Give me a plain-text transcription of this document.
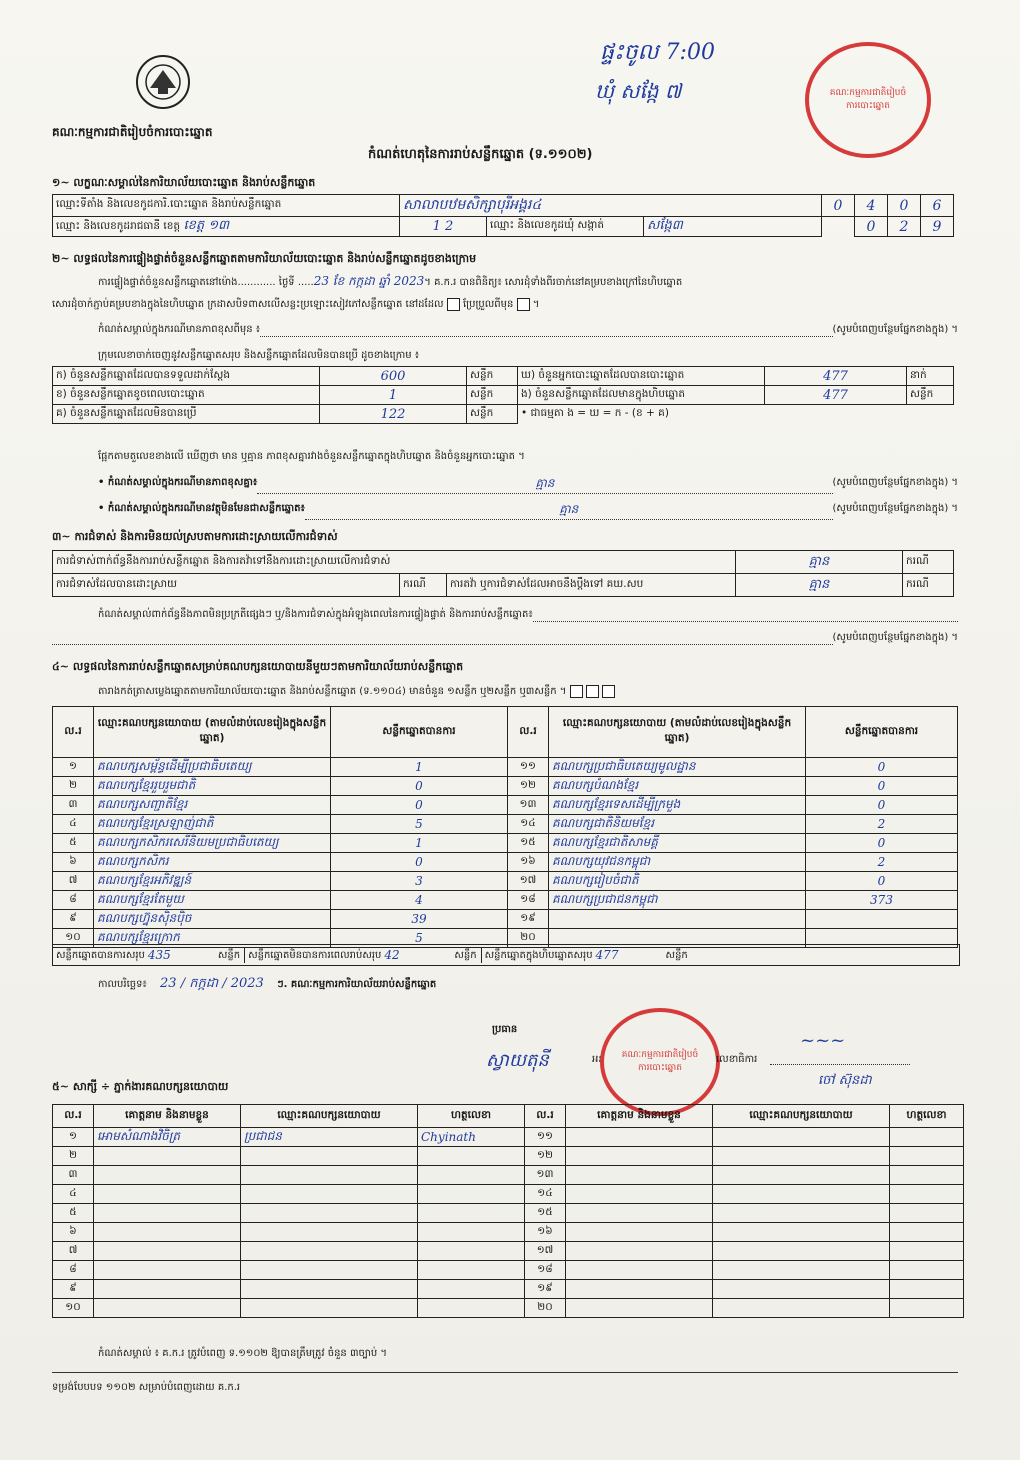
ផ្ទះចូល 7:00
ឃុំ សង្កែ ៧	គណៈកម្មការជាតិរៀបចំការបោះឆ្នោត
គណៈកម្មការជាតិរៀបចំការបោះឆ្នោត
កំណត់ហេតុនៃការរាប់សន្លឹកឆ្នោត (ទ.១១០២)
១~ លក្ខណៈសម្គាល់នៃការិយាល័យបោះឆ្នោត និងរាប់សន្លឹកឆ្នោត
ឈ្មោះទីតាំង និងលេខកូដការិ.បោះឆ្នោត និងរាប់សន្លឹកឆ្នោត	សាលាបឋមសិក្សាបុរីអង្គរ៤			0	4	0	6
ឈ្មោះ និងលេខកូដរាជធានី ខេត្ត ខេត្ត ១៣	1 2	ឈ្មោះ និងលេខកូដឃុំ សង្កាត់	សង្កែ៣		0	2	9
២~ លទ្ធផលនៃការផ្ទៀងផ្ទាត់ចំនួនសន្លឹកឆ្នោតតាមការិយាល័យបោះឆ្នោត និងរាប់សន្លឹកឆ្នោតដូចខាងក្រោម
ការផ្ទៀងផ្ទាត់ចំនួនសន្លឹកឆ្នោតនៅម៉ោង............ ថ្ងៃទី .....23 ខែ កក្កដា ឆ្នាំ 2023។ គ.ក.រ បានពិនិត្យ៖ សោរ​ដុំទាំងពីរចាក់នៅគម្របខាងក្រៅនៃហិបឆ្នោត
សោរដុំចាក់ភ្ជាប់គម្របខាងក្នុងនៃហិបឆ្នោត ក្រដាសបិទពាសលើសន្លះប្រឡោះសៀវភៅសន្លឹកឆ្នោត នៅដដែល ប្រែប្រួលពីមុន  ។
កំណត់សម្គាល់ក្នុងករណីមានភាពខុសពីមុន ៖	(សូមបំពេញបន្ថែមផ្នែកខាងក្នុង) ។
ក្រុមលេខាចាក់ចេញនូវសន្លឹកឆ្នោតសរុប និងសន្លឹកឆ្នោតដែលមិនបានប្រើ ដូចខាងក្រោម ៖
ក) ចំនួនសន្លឹកឆ្នោតដែលបានទទួលដាក់ស្ដែង	600	សន្លឹក	ឃ) ចំនួនអ្នកបោះឆ្នោតដែលបានបោះឆ្នោត	477	នាក់
ខ) ចំនួនសន្លឹកឆ្នោតខូចពេលបោះឆ្នោត	1	សន្លឹក	ង) ចំនួនសន្លឹកឆ្នោតដែលមានក្នុងហិបឆ្នោត	477	សន្លឹក
គ) ចំនួនសន្លឹកឆ្នោតដែលមិនបានប្រើ	122	សន្លឹក	• ជាធម្មតា ង = ឃ = ក - (ខ + គ)		
ផ្អែកតាមតួលេខខាងលើ ឃើញថា មាន ឬគ្មាន ភាពខុសគ្នារវាងចំនួនសន្លឹកឆ្នោតក្នុងហិបឆ្នោត និងចំនួនអ្នកបោះឆ្នោត ។
• កំណត់សម្គាល់ក្នុងករណីមានភាពខុសគ្នា៖	គ្មាន	(សូមបំពេញបន្ថែមផ្នែកខាងក្នុង) ។
• កំណត់សម្គាល់ក្នុងករណីមានវត្ថុមិនមែនជាសន្លឹកឆ្នោត៖	គ្មាន	(សូមបំពេញបន្ថែមផ្នែកខាងក្នុង) ។
៣~ ការជំទាស់ និងការមិនយល់ស្របតាមការដោះស្រាយលើការជំទាស់
ការជំទាស់ពាក់ព័ន្ធនឹងការរាប់សន្លឹកឆ្នោត និងការតវ៉ាទៅនឹងការដោះស្រាយលើការជំទាស់			គ្មាន	ករណី
ការជំទាស់ដែលបានដោះស្រាយ	ករណី	ការតវ៉ា ឬការជំទាស់ដែលអាចនឹងប្ដឹងទៅ គឃ.សប	គ្មាន	ករណី
កំណត់សម្គាល់ពាក់ព័ន្ធនឹងភាពមិនប្រក្រតីផ្សេងៗ ឬ/និងការជំទាស់ក្នុងអំឡុងពេលនៃការផ្ទៀងផ្ទាត់ និងការរាប់សន្លឹកឆ្នោត៖
(សូមបំពេញបន្ថែមផ្នែកខាងក្នុង) ។
៤~ លទ្ធផលនៃការរាប់សន្លឹកឆ្នោតសម្រាប់គណបក្សនយោបាយនីមួយៗតាមការិយាល័យរាប់សន្លឹកឆ្នោត
តារាងកត់ត្រាសម្លេងឆ្នោតតាមការិយាល័យបោះឆ្នោត និងរាប់សន្លឹកឆ្នោត (ទ.១១០៤) មានចំនួន ១សន្លឹក ឬ២សន្លឹក ឬ៣សន្លឹក ។
ល.រ	ឈ្មោះគណបក្សនយោបាយ (តាមលំដាប់លេខរៀងក្នុងសន្លឹកឆ្នោត)	សន្លឹកឆ្នោតបានការ	ល.រ	ឈ្មោះគណបក្សនយោបាយ (តាមលំដាប់លេខរៀងក្នុងសន្លឹកឆ្នោត)	សន្លឹកឆ្នោតបានការ
១	គណបក្សសម្ព័ន្ធដើម្បីប្រជាធិបតេយ្យ	1	១១	គណបក្សប្រជាធិបតេយ្យមូលដ្ឋាន	0
២	គណបក្សខ្មែររួបរួមជាតិ	0	១២	គណបក្សបំណងខ្មែរ	0
៣	គណបក្សសញ្ជាតិខ្មែរ	0	១៣	គណបក្សខ្មែរទេសដើម្បីក្រមួង	0
៤	គណបក្សខ្មែរស្រឡាញ់ជាតិ	5	១៤	គណបក្សជាតិនិយមខ្មែរ	2
៥	គណបក្សកសិករសេរីនិយមប្រជាធិបតេយ្យ	1	១៥	គណបក្សខ្មែរជាតិសាមគ្គី	0
៦	គណបក្សកសិករ	0	១៦	គណបក្សយុវជនកម្ពុជា	2
៧	គណបក្សខ្មែរអភិវឌ្ឍន៍	3	១៧	គណបក្សរៀបចំជាតិ	0
៨	គណបក្សខ្មែរតែមួយ	4	១៨	គណបក្សប្រជាជនកម្ពុជា	373
៩	គណបក្សហ្វ៊ុនស៊ិនប៉ិច	39	១៩		
១០	គណបក្សខ្មែរក្រោក	5	២០		
សន្លឹកឆ្នោតបានការសរុប 435	សន្លឹក សន្លឹកឆ្នោតមិនបានការពេលរាប់សរុប 42	សន្លឹក សន្លឹកឆ្នោតក្នុងហិបឆ្នោតសរុប 477	សន្លឹក
កាលបរិច្ឆេទ៖ 23 / កក្កដា / 2023 ៗ. គណៈកម្មការការិយាល័យរាប់សន្លឹកឆ្នោត
ប្រធាន
ស្វាយតុនី	អនុ គណៈកម្មការជាតិរៀបចំការបោះឆ្នោត
លេខាធិការ
~~~
ចៅ ស៊ុនដា
៥~ សាក្សី ÷ ភ្នាក់ងារគណបក្សនយោបាយ
ល.រ	គោត្តនាម និងនាមខ្លួន	ឈ្មោះគណបក្សនយោបាយ	ហត្ថលេខា	ល.រ	គោត្តនាម និងនាមខ្លួន	ឈ្មោះគណបក្សនយោបាយ	ហត្ថលេខា
១	អោមសំណាងវិចិត្រ	ប្រជាជន	Chyinath	១១			
២				១២			
៣				១៣			
៤				១៤			
៥				១៥			
៦				១៦			
៧				១៧			
៨				១៨			
៩				១៩			
១០				២០			
កំណត់សម្គាល់ ៖ គ.ក.រ ត្រូវបំពេញ ទ.១១០២ ឱ្យបានត្រឹមត្រូវ ចំនួន ៣ច្បាប់ ។
ទម្រង់បែបបទ ១១០២ សម្រាប់បំពេញដោយ គ.ក.រ
